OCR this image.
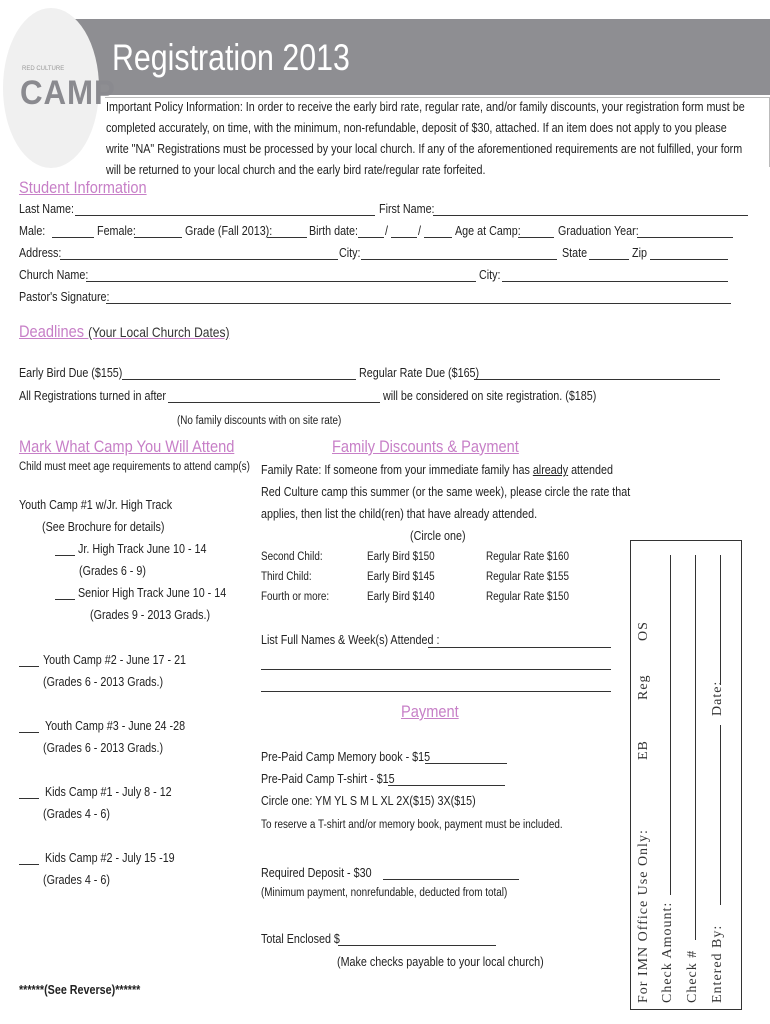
RED CULTURE
CAMP
Registration 2013
Important Policy Information: In order to receive the early bird rate, regular rate, and/or family discounts, your registration form must be completed accurately, on time, with the minimum, non-refundable, deposit of $30, attached. If an item does not apply to you please write "NA" Registrations must be processed by your local church. If any of the aforementioned requirements are not fulfilled, your form will be returned to your local church and the early bird rate/regular rate forfeited.
Student Information
Last Name:	First Name:
Male:	Female:	Grade (Fall 2013):	Birth date: / /	Age at Camp:	Graduation Year:
Address:	City:	State	Zip
Church Name:	City:
Pastor's Signature:
Deadlines (Your Local Church Dates)
Early Bird Due ($155)	Regular Rate Due ($165)
All Registrations turned in after	will be considered on site registration. ($185)
(No family discounts with on site rate)
Mark What Camp You Will Attend
Child must meet age requirements to attend camp(s)
Youth Camp #1 w/Jr. High Track
(See Brochure for details)
Jr. High Track June 10 - 14
(Grades 6 - 9)
Senior High Track June 10 - 14
(Grades 9 - 2013 Grads.)
Youth Camp #2 - June 17 - 21
(Grades 6 - 2013 Grads.)
Youth Camp #3 - June 24 -28
(Grades 6 - 2013 Grads.)
Kids Camp #1 - July 8 - 12
(Grades 4 - 6)
Kids Camp #2 - July 15 -19
(Grades 4 - 6)
******(See Reverse)******
Family Discounts & Payment
Family Rate: If someone from your immediate family has already attended
Red Culture camp this summer (or the same week), please circle the rate that
applies, then list the child(ren) that have already attended.
(Circle one)
Second Child:	Early Bird $150	Regular Rate $160
Third Child:	Early Bird $145	Regular Rate $155
Fourth or more:	Early Bird $140	Regular Rate $150
List Full Names & Week(s) Attended :
Payment
Pre-Paid Camp Memory book - $15
Pre-Paid Camp T-shirt - $15
Circle one: YM YL S M L XL 2X($15) 3X($15)
To reserve a T-shirt and/or memory book, payment must be included.
Required Deposit - $30
(Minimum payment, nonrefundable, deducted from total)
Total Enclosed $
(Make checks payable to your local church)	For IMN Office Use Only:
EB
Reg
OS
Check Amount: Check # Entered By:
Date:
